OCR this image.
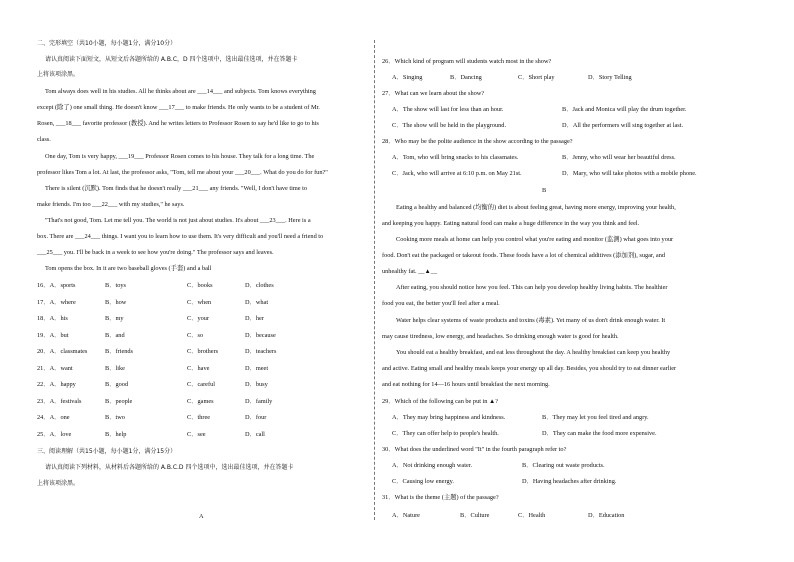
二、完形填空（共10小题，每小题1分，满分10分）
请认真阅读下面短文，从短文后各题所给的 A.B.C，D 四个选项中，选出最佳选项，并在答题卡
上将该项涂黑。
Tom always does well in his studies. All he thinks about are ___14___ and subjects. Tom knows everything
except (除了) one small thing. He doesn't know ___17___ to make friends. He only wants to be a student of Mr.
Rosen, ___18___ favorite professor (教授). And he writes letters to Professor Rosen to say he'd like to go to his
class.
One day, Tom is very happy, ___19___ Professor Rosen comes to his house. They talk for a long time. The
professor likes Tom a lot. At last, the professor asks, "Tom, tell me about your ___20___. What do you do for fun?"
There is silent (沉默). Tom finds that he doesn't really ___21___ any friends. "Well, I don't have time to
make friends. I'm too ___22___ with my studies," he says.
"That's not good, Tom. Let me tell you. The world is not just about studies. It's about ___23___. Here is a
box. There are ___24___ things. I want you to learn how to use them. It's very difficult and you'll need a friend to
___25___ you. I'll be back in a week to see how you're doing." The professor says and leaves.
Tom opens the box. In it are two baseball gloves (手套) and a ball
16．A．sports	B．toys	C．books	D．clothes
17．A．where	B．how	C．when	D．what
18．A．his	B．my	C．your	D．her
19．A．but	B．and	C．so	D．because
20．A．classmates	B．friends	C．brothers	D．teachers
21．A．want	B．like	C．have	D．meet
22．A．happy	B．good	C．careful	D．busy
23．A．festivals	B．people	C．games	D．family
24．A．one	B．two	C．three	D．four
25．A．love	B．help	C．see	D．call
三、阅读理解（共15小题，每小题1分，满分15分）
请认真阅读下列材料，从材料后各题所给的 A.B.C.D 四个选项中，选出最佳选项，并在答题卡
上将该项涂黑。
A
26．Which kind of program will students watch most in the show?
A．Singing	B．Dancing	C．Short play	D．Story Telling
27．What can we learn about the show?
A．The show will last for less than an hour.	B．Jack and Monica will play the drum together.
C．The show will be held in the playground.	D．All the performers will sing together at last.
28．Who may be the polite audience in the show according to the passage?
A．Tom, who will bring snacks to his classmates.	B．Jenny, who will wear her beautiful dress.
C．Jack, who will arrive at 6:10 p.m. on May 21st.	D．Mary, who will take photos with a mobile phone.
B
Eating a healthy and balanced (均衡的) diet is about feeling great, having more energy, improving your health,
and keeping you happy. Eating natural food can make a huge difference in the way you think and feel.
Cooking more meals at home can help you control what you're eating and monitor (监测) what goes into your
food. Don't eat the packaged or takeout foods. These foods have a lot of chemical additives (添加剂), sugar, and
unhealthy fat. __▲__
After eating, you should notice how you feel. This can help you develop healthy living habits. The healthier
food you eat, the better you'll feel after a meal.
Water helps clear systems of waste products and toxins (毒素). Yet many of us don't drink enough water. It
may cause tiredness, low energy, and headaches. So drinking enough water is good for health.
You should eat a healthy breakfast, and eat less throughout the day. A healthy breakfast can keep you healthy
and active. Eating small and healthy meals keeps your energy up all day. Besides, you should try to eat dinner earlier
and eat nothing for 14—16 hours until breakfast the next morning.
29．Which of the following can be put in ▲?
A．They may bring happiness and kindness.	B．They may let you feel tired and angry.
C．They can offer help to people's health.	D．They can make the food more expensive.
30．What does the underlined word "It" in the fourth paragraph refer to?
A．Not drinking enough water.	B．Clearing out waste products.
C．Causing low energy.	D．Having headaches after drinking.
31．What is the theme (主题) of the passage?
A．Nature	B．Culture	C．Health	D．Education
